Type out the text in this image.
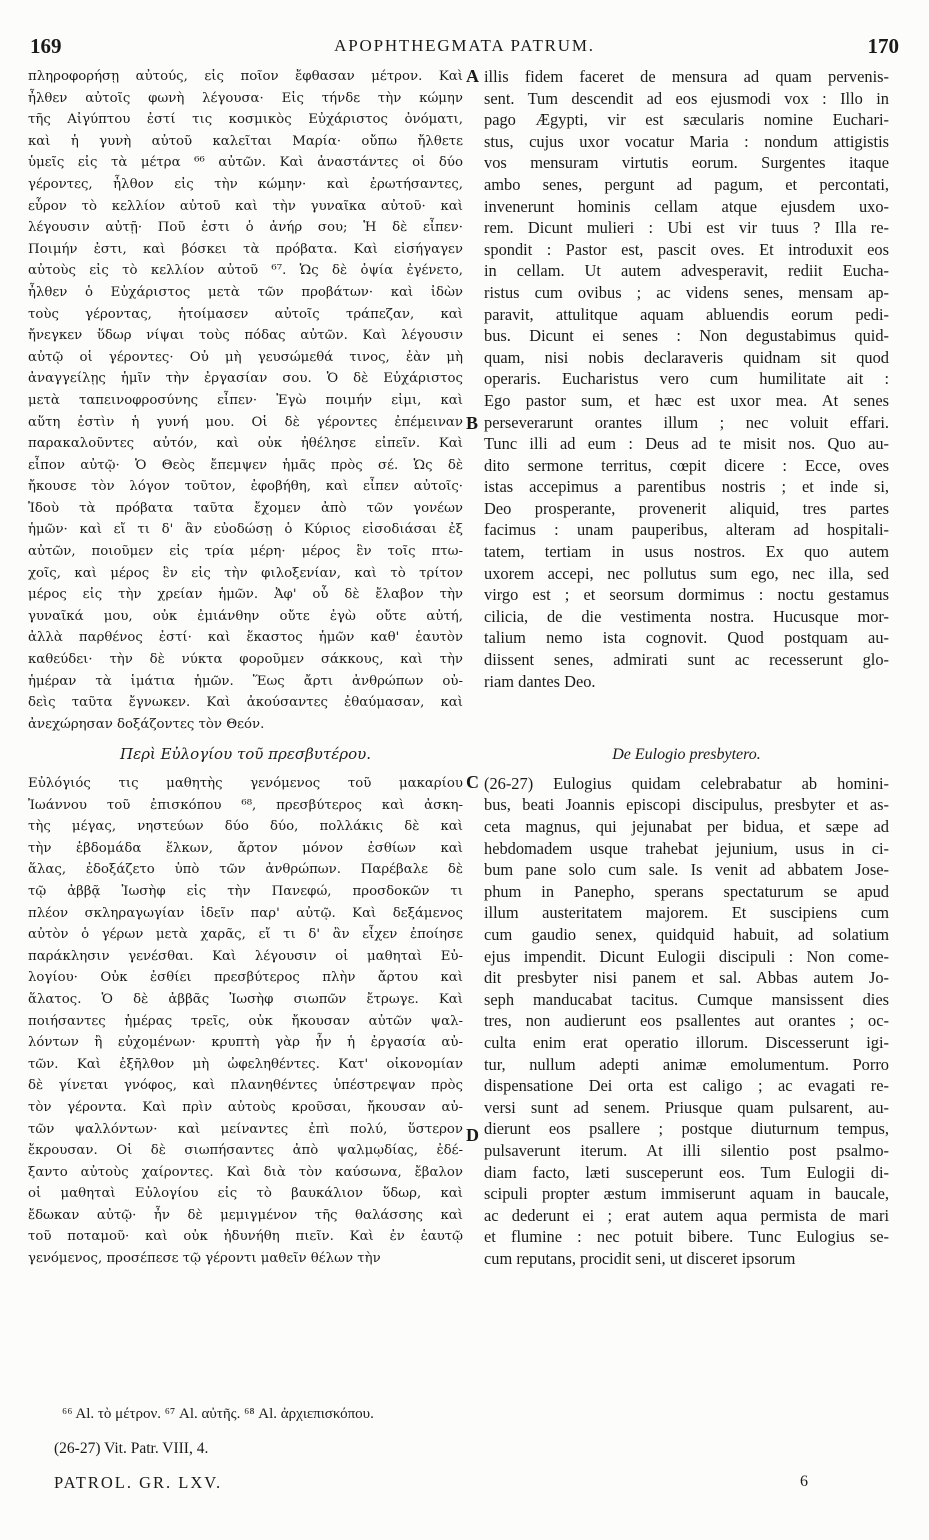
169	APOPHTHEGMATA PATRUM.	170
πληροφορήσῃ αὐτούς, εἰς ποῖον ἔφθασαν μέτρον. Καὶ
ἦλθεν αὐτοῖς φωνὴ λέγουσα· Εἰς τήνδε τὴν κώμην
τῆς Αἰγύπτου ἐστί τις κοσμικὸς Εὐχάριστος ὀνόματι,
καὶ ἡ γυνὴ αὐτοῦ καλεῖται Μαρία· οὔπω ἤλθετε
ὑμεῖς εἰς τὰ μέτρα ⁶⁶ αὐτῶν. Καὶ ἀναστάντες οἱ δύο
γέροντες, ἦλθον εἰς τὴν κώμην· καὶ ἐρωτήσαντες,
εὗρον τὸ κελλίον αὐτοῦ καὶ τὴν γυναῖκα αὐτοῦ· καὶ
λέγουσιν αὐτῇ· Ποῦ ἐστι ὁ ἀνήρ σου; Ἡ δὲ εἶπεν·
Ποιμήν ἐστι, καὶ βόσκει τὰ πρόβατα. Καὶ εἰσήγαγεν
αὐτοὺς εἰς τὸ κελλίον αὐτοῦ ⁶⁷. Ὡς δὲ ὀψία ἐγένετο,
ἦλθεν ὁ Εὐχάριστος μετὰ τῶν προβάτων· καὶ ἰδὼν
τοὺς γέροντας, ἡτοίμασεν αὐτοῖς τράπεζαν, καὶ
ἤνεγκεν ὕδωρ νίψαι τοὺς πόδας αὐτῶν. Καὶ λέγουσιν
αὐτῷ οἱ γέροντες· Οὐ μὴ γευσώμεθά τινος, ἐὰν μὴ
ἀναγγείλῃς ἡμῖν τὴν ἐργασίαν σου. Ὁ δὲ Εὐχάριστος
μετὰ ταπεινοφροσύνης εἶπεν· Ἐγὼ ποιμήν εἰμι, καὶ
αὕτη ἐστὶν ἡ γυνή μου. Οἱ δὲ γέροντες ἐπέμειναν
παρακαλοῦντες αὐτόν, καὶ οὐκ ἠθέλησε εἰπεῖν. Καὶ
εἶπον αὐτῷ· Ὁ Θεὸς ἔπεμψεν ἡμᾶς πρὸς σέ. Ὡς δὲ
ἤκουσε τὸν λόγον τοῦτον, ἐφοβήθη, καὶ εἶπεν αὐτοῖς·
Ἰδοὺ τὰ πρόβατα ταῦτα ἔχομεν ἀπὸ τῶν γονέων
ἡμῶν· καὶ εἴ τι δ' ἂν εὐοδώσῃ ὁ Κύριος εἰσοδιάσαι ἐξ
αὐτῶν, ποιοῦμεν εἰς τρία μέρη· μέρος ἓν τοῖς πτω-
χοῖς, καὶ μέρος ἓν εἰς τὴν φιλοξενίαν, καὶ τὸ τρίτον
μέρος εἰς τὴν χρείαν ἡμῶν. Ἀφ' οὗ δὲ ἔλαβον τὴν
γυναῖκά μου, οὐκ ἐμιάνθην οὔτε ἐγὼ οὔτε αὐτή,
ἀλλὰ παρθένος ἐστί· καὶ ἕκαστος ἡμῶν καθ' ἑαυτὸν
καθεύδει· τὴν δὲ νύκτα φοροῦμεν σάκκους, καὶ τὴν
ἡμέραν τὰ ἱμάτια ἡμῶν. Ἕως ἄρτι ἀνθρώπων οὐ-
δεὶς ταῦτα ἔγνωκεν. Καὶ ἀκούσαντες ἐθαύμασαν, καὶ
ἀνεχώρησαν δοξάζοντες τὸν Θεόν.
Περὶ Εὐλογίου τοῦ πρεσβυτέρου.
Εὐλόγιός τις μαθητὴς γενόμενος τοῦ μακαρίου
Ἰωάννου τοῦ ἐπισκόπου ⁶⁸, πρεσβύτερος καὶ ἀσκη-
τὴς μέγας, νηστεύων δύο δύο, πολλάκις δὲ καὶ
τὴν ἑβδομάδα ἕλκων, ἄρτον μόνον ἐσθίων καὶ
ἅλας, ἐδοξάζετο ὑπὸ τῶν ἀνθρώπων. Παρέβαλε δὲ
τῷ ἀββᾷ Ἰωσὴφ εἰς τὴν Πανεφώ, προσδοκῶν τι
πλέον σκληραγωγίαν ἰδεῖν παρ' αὐτῷ. Καὶ δεξάμενος
αὐτὸν ὁ γέρων μετὰ χαρᾶς, εἴ τι δ' ἂν εἶχεν ἐποίησε
παράκλησιν γενέσθαι. Καὶ λέγουσιν οἱ μαθηταὶ Εὐ-
λογίου· Οὐκ ἐσθίει πρεσβύτερος πλὴν ἄρτου καὶ
ἅλατος. Ὁ δὲ ἀββᾶς Ἰωσὴφ σιωπῶν ἔτρωγε. Καὶ
ποιήσαντες ἡμέρας τρεῖς, οὐκ ἤκουσαν αὐτῶν ψαλ-
λόντων ἢ εὐχομένων· κρυπτὴ γὰρ ἦν ἡ ἐργασία αὐ-
τῶν. Καὶ ἐξῆλθον μὴ ὠφεληθέντες. Κατ' οἰκονομίαν
δὲ γίνεται γνόφος, καὶ πλανηθέντες ὑπέστρεψαν πρὸς
τὸν γέροντα. Καὶ πρὶν αὐτοὺς κροῦσαι, ἤκουσαν αὐ-
τῶν ψαλλόντων· καὶ μείναντες ἐπὶ πολύ, ὕστερον
ἔκρουσαν. Οἱ δὲ σιωπήσαντες ἀπὸ ψαλμῳδίας, ἐδέ-
ξαντο αὐτοὺς χαίροντες. Καὶ διὰ τὸν καύσωνα, ἔβαλον
οἱ μαθηταὶ Εὐλογίου εἰς τὸ βαυκάλιον ὕδωρ, καὶ
ἔδωκαν αὐτῷ· ἦν δὲ μεμιγμένον τῆς θαλάσσης καὶ
τοῦ ποταμοῦ· καὶ οὐκ ἠδυνήθη πιεῖν. Καὶ ἐν ἑαυτῷ
γενόμενος, προσέπεσε τῷ γέροντι μαθεῖν θέλων τὴν
illis fidem faceret de mensura ad quam pervenis-
sent. Tum descendit ad eos ejusmodi vox : Illo in
pago Ægypti, vir est sæcularis nomine Euchari-
stus, cujus uxor vocatur Maria : nondum attigistis
vos mensuram virtutis eorum. Surgentes itaque
ambo senes, pergunt ad pagum, et percontati,
invenerunt hominis cellam atque ejusdem uxo-
rem. Dicunt mulieri : Ubi est vir tuus ? Illa re-
spondit : Pastor est, pascit oves. Et introduxit eos
in cellam. Ut autem advesperavit, rediit Eucha-
ristus cum ovibus ; ac videns senes, mensam ap-
paravit, attulitque aquam abluendis eorum pedi-
bus. Dicunt ei senes : Non degustabimus quid-
quam, nisi nobis declaraveris quidnam sit quod
operaris. Eucharistus vero cum humilitate ait :
Ego pastor sum, et hæc est uxor mea. At senes
perseverarunt orantes illum ; nec voluit effari.
Tunc illi ad eum : Deus ad te misit nos. Quo au-
dito sermone territus, cœpit dicere : Ecce, oves
istas accepimus a parentibus nostris ; et inde si,
Deo prosperante, provenerit aliquid, tres partes
facimus : unam pauperibus, alteram ad hospitali-
tatem, tertiam in usus nostros. Ex quo autem
uxorem accepi, nec pollutus sum ego, nec illa, sed
virgo est ; et seorsum dormimus : noctu gestamus
cilicia, de die vestimenta nostra. Hucusque mor-
talium nemo ista cognovit. Quod postquam au-
diissent senes, admirati sunt ac recesserunt glo-
riam dantes Deo.
De Eulogio presbytero.
(26-27) Eulogius quidam celebrabatur ab homini-
bus, beati Joannis episcopi discipulus, presbyter et as-
ceta magnus, qui jejunabat per bidua, et sæpe ad
hebdomadem usque trahebat jejunium, usus in ci-
bum pane solo cum sale. Is venit ad abbatem Jose-
phum in Panepho, sperans spectaturum se apud
illum austeritatem majorem. Et suscipiens cum
cum gaudio senex, quidquid habuit, ad solatium
ejus impendit. Dicunt Eulogii discipuli : Non come-
dit presbyter nisi panem et sal. Abbas autem Jo-
seph manducabat tacitus. Cumque mansissent dies
tres, non audierunt eos psallentes aut orantes ; oc-
culta enim erat operatio illorum. Discesserunt igi-
tur, nullum adepti animæ emolumentum. Porro
dispensatione Dei orta est caligo ; ac evagati re-
versi sunt ad senem. Priusque quam pulsarent, au-
dierunt eos psallere ; postque diuturnum tempus,
pulsaverunt iterum. At illi silentio post psalmo-
diam facto, læti susceperunt eos. Tum Eulogii di-
scipuli propter æstum immiserunt aquam in baucale,
ac dederunt ei ; erat autem aqua permista de mari
et flumine : nec potuit bibere. Tunc Eulogius se-
cum reputans, procidit seni, ut disceret ipsorum
A
B
C
D
⁶⁶ Al. τὸ μέτρον. ⁶⁷ Al. αὐτῆς. ⁶⁸ Al. ἀρχιεπισκόπου.
(26-27) Vit. Patr. VIII, 4.
PATROL. GR. LXV.	6
